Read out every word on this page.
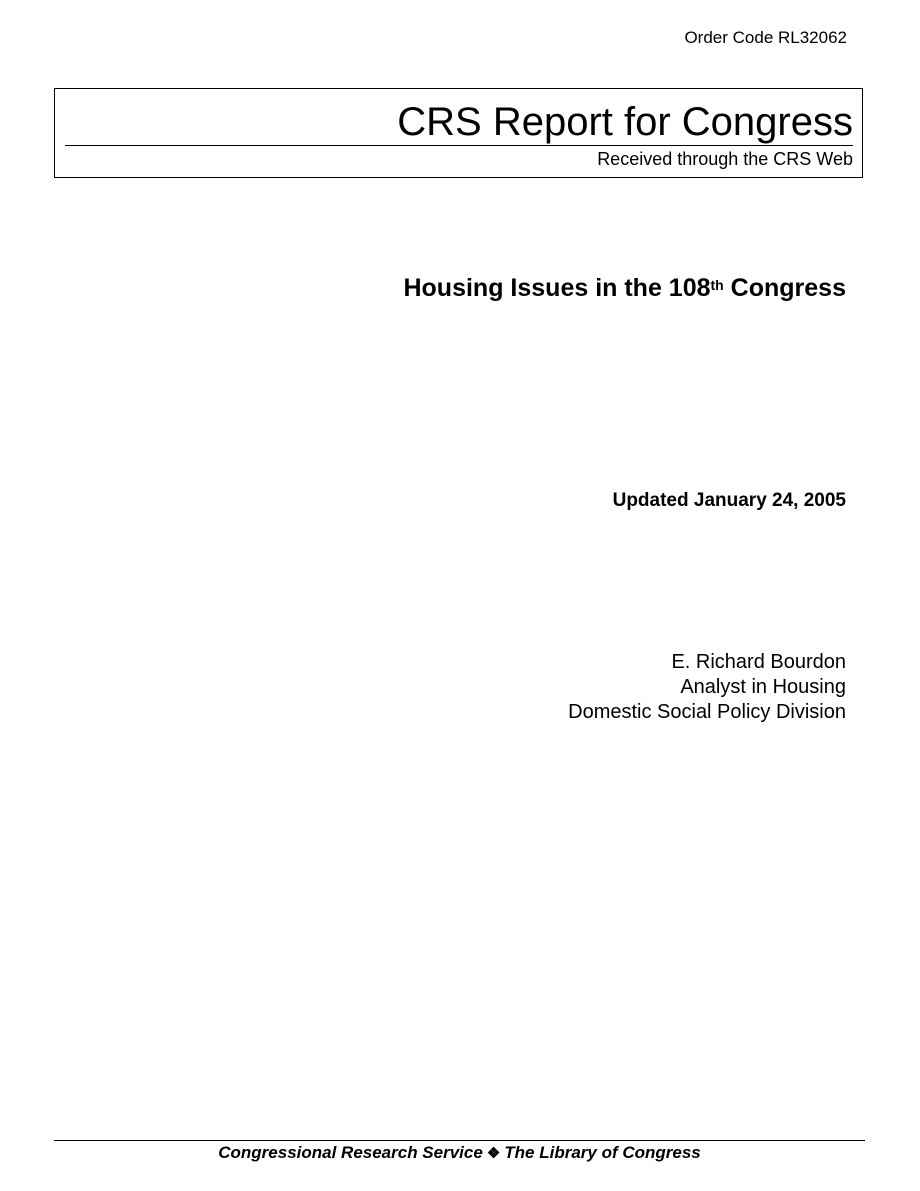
Order Code RL32062
CRS Report for Congress
Received through the CRS Web
Housing Issues in the 108th Congress
Updated January 24, 2005
E. Richard Bourdon
Analyst in Housing
Domestic Social Policy Division
Congressional Research Service ❖ The Library of Congress
